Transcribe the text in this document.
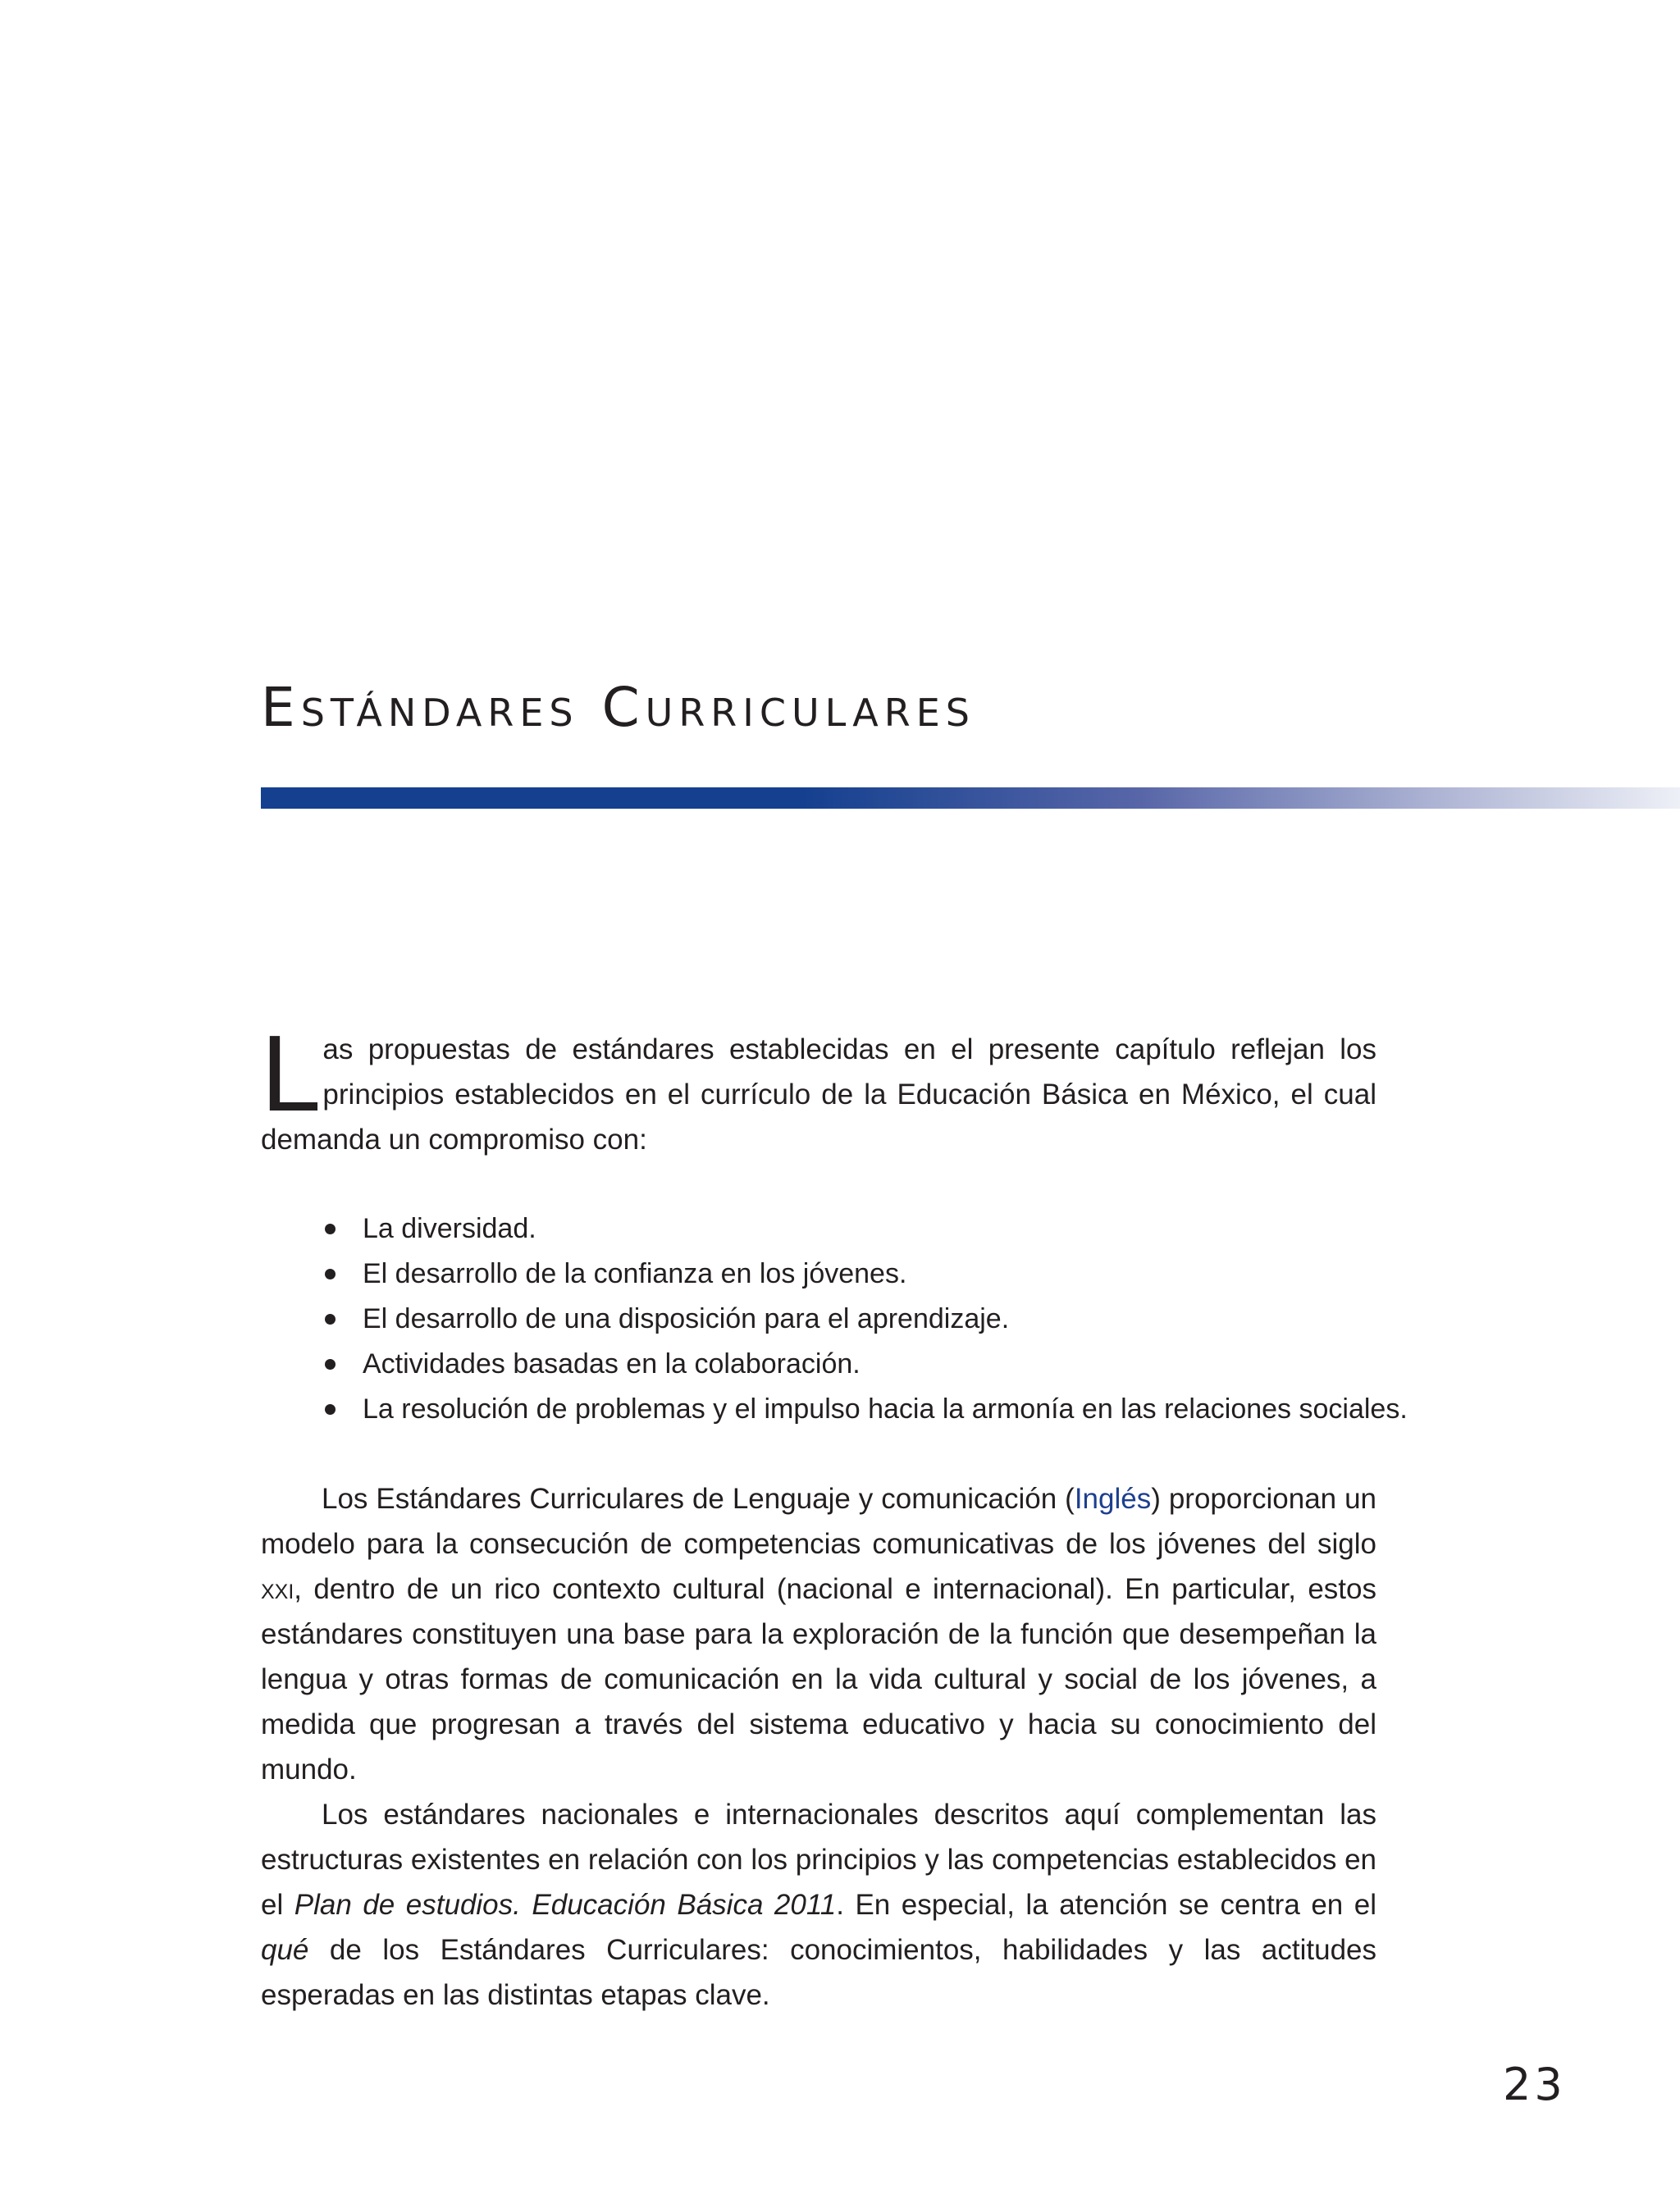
Estándares Curriculares

Las propuestas de estándares establecidas en el presente capítulo reflejan los principios establecidos en el currículo de la Educación Básica en México, el cual demanda un compromiso con:

La diversidad.
El desarrollo de la confianza en los jóvenes.
El desarrollo de una disposición para el aprendizaje.
Actividades basadas en la colaboración.
La resolución de problemas y el impulso hacia la armonía en las relaciones sociales.

Los Estándares Curriculares de Lenguaje y comunicación (Inglés) proporcionan un modelo para la consecución de competencias comunicativas de los jóvenes del siglo xxi, dentro de un rico contexto cultural (nacional e internacional). En particular, estos estándares constituyen una base para la exploración de la función que desempeñan la lengua y otras formas de comunicación en la vida cultural y social de los jóvenes, a medida que progresan a través del sistema educativo y hacia su conocimiento del mundo.

Los estándares nacionales e internacionales descritos aquí complementan las estructuras existentes en relación con los principios y las competencias establecidos en el Plan de estudios. Educación Básica 2011. En especial, la atención se centra en el qué de los Estándares Curriculares: conocimientos, habilidades y las actitudes esperadas en las distintas etapas clave.

23
